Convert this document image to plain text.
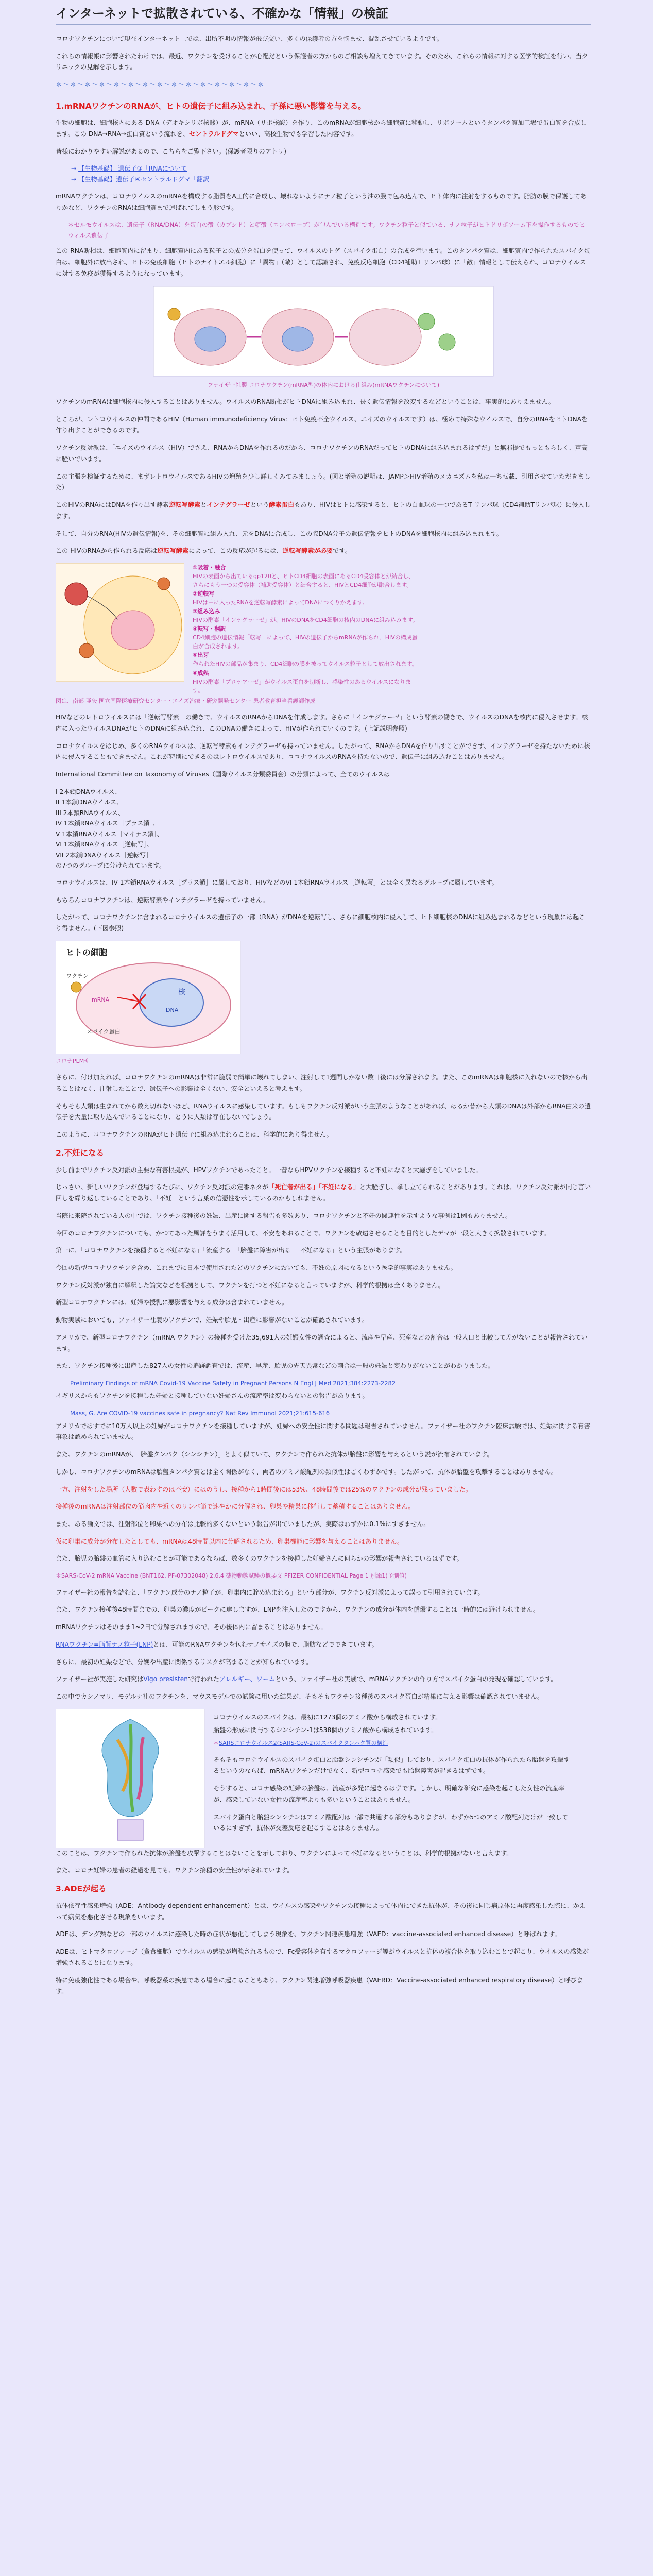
インターネットで拡散されている、不確かな「情報」の検証

コロナワクチンについて現在インターネット上では、出所不明の情報が飛び交い、多くの保護者の方を悩ませ、混乱させているようです。

これらの情報帳に影響されたわけでは、最近、ワクチンを受けることが心配だという保護者の方からのご相談も増えてきています。そのため、これらの情報に対する医学的検証を行い、当クリニックの見解を示します。

＊～＊～＊～＊～＊～＊～＊～＊～＊～＊～＊～＊～＊～＊～＊
1.mRNAワクチンのRNAが、ヒトの遺伝子に組み込まれ、子孫に悪い影響を与える。

生物の細胞は、細胞核内にある DNA（デオキシリボ核酸）が、mRNA（リボ核酸）を作り、このmRNAが細胞核から細胞質に移動し、リボソームというタンパク質加工場で蛋白質を合成します。この DNA→RNA→蛋白質という流れを、セントラルドグマといい、高校生物でも学習した内容です。

皆様にわかりやすい解説があるので、こちらをご覧下さい。(保護者限りのアトリ)

→ 【生物基礎】 遺伝子③「RNAについて
→ 【生物基礎】遺伝子④セントラルドグマ「翻訳

mRNAワクチンは、コロナウイルスのmRNAを構成する脂質をA工的に合成し、壊れないようにナノ粒子という油の膜で包み込んで、ヒト体内に注射をするものです。脂肪の膜で保護してありかなど、ワクチンのRNAは細胞質まで運ばれてしまう形です。

＊セルモウイルスは、遺伝子（RNA/DNA）を蛋白の殻（カプシド）と糖殻（エンベロープ）が包んでいる構造です。ワクチン粒子と似ている、ナノ粒子がヒトドリポソーム下を操作するものでヒ ウィルス遺伝子

この RNA断相は、細胞質内に留まり、細胞質内にある粒子との成分を蛋白を使って、ウイルスのトゲ（スパイク蛋白）の合成を行います。このタンパク質は、細胞質内で作られたスパイク蛋白は、細胞外に放出され、ヒトの免疫細胞（ヒトのナイトエル細胞）に「異物」（敵）として認識され、免疫反応細胞（CD4補助T リンパ球）に「敵」情報として伝えられ、コロナウイルスに対する免疫が獲得するようになっています。

ファイザー社製 コロナワクチン(mRNA型)の体内における仕組み(mRNAワクチンについて)

ワクチンのmRNAは細胞核内に侵入することはありません。ウイルスのRNA断相がヒトDNAに組み込まれ、長く遺伝情報を改変するなどということは、事実的にありえません。

ところが、レトロウイルスの仲間であるHIV（Human immunodeficiency Virus：ヒト免疫不全ウイルス、エイズのウイルスです）は、極めて特殊なウイルスで、自分のRNAをヒトDNAを作り出すことができるのです。

ワクチン反対派は、「エイズのウイルス（HIV）でさえ、RNAからDNAを作れるのだから、コロナワクチンのRNAだってヒトのDNAに組み込まれるはずだ」と無邪提でもっともらしく、声高に騒いでいます。

この主張を検証するために、まずレトロウイルスであるHIVの増殖を少し詳しくみてみましょう。(図と増殖の説明は、JAMP＞HIV増殖のメカニズムを私は一ち転載、引用させていただきました)

このHIVのRNAにはDNAを作り出す酵素逆転写酵素とインテグラーゼという酵素蛋白もあり、HIVはヒトに感染すると、ヒトの白血球の一つであるT リンパ球（CD4補助Tリンパ球）に侵入します。

そして、自分のRNA(HIVの遺伝情報)を、その細胞質に組み入れ、元をDNAに合成し、この際DNA分子の遺伝情報をヒトのDNAを細胞核内に組み込まれます。

この HIVのRNAから作られる反応は逆転写酵素によって、この反応が起るには、逆転写酵素が必要です。

①吸着・融合
HIVの表面から出ているgp120と、ヒトCD4細胞の表面にあるCD4受容体とが結合し、さらにもう一つの受容体（補助受容体）と結合すると、HIVとCD4細胞が融合します。
②逆転写
HIVは中に入ったRNAを逆転写酵素によってDNAにつくりかえます。
③組み込み
HIVの酵素「インテグラーゼ」が、HIVのDNAをCD4細胞の核内のDNAに組み込みます。
④転写・翻訳
CD4細胞の遺伝情報「転写」によって、HIVの遺伝子からmRNAが作られ、HIVの構成蛋白が合成されます。
⑤出芽
作られたHIVの部品が集まり、CD4細胞の膜を被ってウイルス粒子として放出されます。
⑥成熟
HIVの酵素「プロテアーゼ」がウイルス蛋白を切断し、感染性のあるウイルスになります。
図は、南部 亜矢 国立国際医療研究センター・エイズ治療・研究開発センター 患者教育担当看護師作成

HIVなどのレトロウイルスには「逆転写酵素」の働きで、ウイルスのRNAからDNAを作成します。さらに「インテグラーゼ」という酵素の働きで、ウイルスのDNAを核内に侵入させます。核内に入ったウイルスDNAがヒトのDNAに組み込まれ、このDNAの働きによって、HIVが作られていくのです。(上記説明参照)

コロナウイルスをはじめ、多くのRNAウイルスは、逆転写酵素もインテグラーゼも持っていません。したがって、RNAからDNAを作り出すことができず、インテグラーゼを持たないために核内に侵入することもできません。これが特別にできるのはレトロウイルスであり、コロナウイルスのRNAを持たないので、遺伝子に組み込むことはありません。

International Committee on Taxonomy of Viruses（国際ウイルス分類委員会）の分類によって、全てのウイルスは

I 2本鎖DNAウイルス、
II 1本鎖DNAウイルス、
III 2本鎖RNAウイルス、
IV 1本鎖RNAウイルス［プラス鎖］、
V 1本鎖RNAウイルス［マイナス鎖］、
VI 1本鎖RNAウイルス［逆転写］、
VII 2本鎖DNAウイルス［逆転写］
の7つのグループに分けられています。

コロナウイルスは、IV 1本鎖RNAウイルス［プラス鎖］に属しており、HIVなどのVI 1本鎖RNAウイルス［逆転写］とは全く異なるグループに属しています。

もちろんコロナワクチンは、逆転酵素やインテグラーゼを持っていません。

したがって、コロナワクチンに含まれるコロナウイルスの遺伝子の一部（RNA）がDNAを逆転写し、さらに細胞核内に侵入して、ヒト細胞核のDNAに組み込まれるなどという現象には起こり得ません。(下図参照)

ヒトの細胞
核
DNA
mRNA
スパイク蛋白
ワクチン
コロナPLMサ

さらに、付け加えれば、コロナワクチンのmRNAは非常に脆弱で簡単に壊れてしまい、注射して1週間しかない数日後には分解されます。また、このmRNAは細胞核に入れないので核から出ることはなく、注射したことで、遺伝子への影響は全くない、安全といえると考えます。

そもそも人類は生まれてから数え切れないほど、RNAウイルスに感染しています。もしもワクチン反対派がいう主張のようなことがあれば、はるか昔から人類のDNAは外部からRNA由来の遺伝子を大量に取り込んでいることになり、とうに人類は存在しないでしょう。

このように、コロナワクチンのRNAがヒト遺伝子に組み込まれることは、科学的にあり得ません。

2.不妊になる

少し前までワクチン反対派の主要な有害根拠が、HPVワクチンであったこと。一昔ならHPVワクチンを接種すると不妊になると大騒ぎをしていました。

じっさい、新しいワクチンが登場するたびに、ワクチン反対派の定番ネタが「死亡者が出る」「不妊になる」と大騒ぎし、挙し立てられることがあります。これは、ワクチン反対派が同じ言い回しを繰り返していることであり、「不妊」という言葉の信憑性を示しているのかもしれません。

当院に来院されている人の中では、ワクチン接種後の妊娠、出産に関する報告も多数あり、コロナワクチンと不妊の関連性を示すような事例は1例もありません。

今回のコロナワクチンについても、かつてあった風評をうまく活用して、不安をあおることで、ワクチンを敬遠させることを目的としたデマが一段と大きく拡散されています。

第一に、「コロナワクチンを接種すると不妊になる」「流産する」「胎盤に障害が出る」「不妊になる」という主張があります。

今回の新型コロナワクチンを含め、これまでに日本で使用されたどのワクチンにおいても、不妊の原因になるという医学的事実はありません。

ワクチン反対派が独自に解釈した論文などを根拠として、ワクチンを打つと不妊になると言っていますが、科学的根拠は全くありません。

新型コロナワクチンには、妊婦や授乳に悪影響を与える成分は含まれていません。

動物実験においても、ファイザー社製のワクチンで、妊娠や胎児・出産に影響がないことが確認されています。

アメリカで、新型コロナワクチン（mRNA ワクチン）の接種を受けた35,691人の妊娠女性の調査によると、流産や早産、死産などの割合は一般人口と比較して差がないことが報告されています。

また、ワクチン接種後に出産した827人の女性の追跡調査では、流産、早産、胎児の先天異常などの割合は一般の妊娠と変わりがないことがわかりました。

Preliminary Findings of mRNA Covid-19 Vaccine Safety in Pregnant Persons N Engl J Med 2021;384:2273-2282

イギリスからもワクチンを接種した妊婦と接種していない妊婦さんの流産率は変わらないとの報告があります。

Mass, G. Are COVID-19 vaccines safe in pregnancy? Nat Rev Immunol 2021;21:615-616

アメリカではすでに10万人以上の妊婦がコロナワクチンを接種していますが、妊婦への安全性に関する問題は報告されていません。ファイザー社のワクチン臨床試験では、妊娠に関する有害事象は認められていません。

また、ワクチンのmRNAが、「胎盤タンパク（シンシチン）」とよく似ていて、ワクチンで作られた抗体が胎盤に影響を与えるという説が流布されています。

しかし、コロナワクチンのmRNAは胎盤タンパク質とは全く関係がなく、両者のアミノ酸配列の類似性はごくわずかです。したがって、抗体が胎盤を攻撃することはありません。

一方、注射をした場所（人数で表わすのは不安）にはのうし、接種から1時間後には53%、48時間後では25%のワクチンの成分が残っていました。

接種後のmRNAは注射部位の筋肉内や近くのリンパ節で速やかに分解され、卵巣や精巣に移行して蓄積することはありません。

また、ある論文では、注射部位と卵巣への分布は比較的多くないという報告が出ていましたが、実際はわずかに0.1%にすぎません。

仮に卵巣に成分が分布したとしても、mRNAは48時間以内に分解されるため、卵巣機能に影響を与えることはありません。

また、胎児の胎盤の血管に入り込むことが可能であるならば、数多くのワクチンを接種した妊婦さんに何らかの影響が報告されているはずです。

＊SARS-CoV-2 mRNA Vaccine (BNT162, PF-07302048) 2.6.4 薬物動態試験の概要文 PFIZER CONFIDENTIAL Page 1 別添1(予測値)

ファイザー社の報告を読むと、「ワクチン成分のナノ粒子が、卵巣内に貯め込まれる」という部分が、ワクチン反対派によって誤って引用されています。

また、ワクチン接種後48時間までの、卵巣の濃度がピークに達しますが、LNPを注入したのですから、ワクチンの成分が体内を循環することは一時的には避けられません。

mRNAワクチンはそのまま1~2日で分解されますので、その後体内に留まることはありません。

RNAワクチン=脂質ナノ粒子(LNP)とは、可能のRNAワクチンを包むナノサイズの膜で、脂肪などでできています。

さらに、最初の妊娠などで、分娩や出産に関係するリスクが高まることが知られています。

ファイザー社が実施した研究はVigo presistenで行われたアレルギー、ワームという、ファイザー社の実験で、mRNAワクチンの作り方でスパイク蛋白の発現を確認しています。

この中でカシノマリ、モデルナ社のワクチンを、マウスモデルでの試験に用いた結果が、そもそもワクチン接種後のスパイク蛋白が精巣に与える影響は確認されていません。

コロナウイルスのスパイクは、最初に1273個のアミノ酸から構成されています。

胎盤の形成に関与するシンシチン-1は538個のアミノ酸から構成されています。

＊SARSコロナウイルス2(SARS-CoV-2)のスパイクタンパク質の構造

そもそもコロナウイルスのスパイク蛋白と胎盤シンシチンが「類似」しており、スパイク蛋白の抗体が作られたら胎盤を攻撃するというのならば、mRNAワクチンだけでなく、新型コロナ感染でも胎盤障害が起きるはずです。

そうすると、コロナ感染の妊婦の胎盤は、流産が多発に起きるはずです。しかし、明確な研究に感染を起こした女性の流産率が、感染していない女性の流産率よりも多いということはありません。

スパイク蛋白と胎盤シンシチンはアミノ酸配列は一部で共通する部分もありますが、わずか5つのアミノ酸配列だけが一致しているにすぎず、抗体が交差反応を起こすことはありません。

このことは、ワクチンで作られた抗体が胎盤を攻撃することはないことを示しており、ワクチンによって不妊になるということは、科学的根拠がないと言えます。

また、コロナ妊婦の患者の経過を見ても、ワクチン接種の安全性が示されています。

3.ADEが起る

抗体依存性感染増強（ADE：Antibody-dependent enhancement）とは、ウイルスの感染やワクチンの接種によって体内にできた抗体が、その後に同じ病原体に再度感染した際に、かえって病気を悪化させる現象をいいます。

ADEは、デング熱などの一部のウイルスに感染した時の症状が悪化してしまう現象を、ワクチン関連疾患増強（VAED：vaccine-associated enhanced disease）と呼ばれます。

ADEは、ヒトマクロファージ（貪食細胞）でウイルスの感染が増強されるもので、Fc受容体を有するマクロファージ等がウイルスと抗体の複合体を取り込むことで起こり、ウイルスの感染が増強されることになります。

特に免疫強化性である場合や、呼吸器系の疾患である場合に起こることもあり、ワクチン関連増強呼吸器疾患（VAERD：Vaccine-associated enhanced respiratory disease）と呼びます。
